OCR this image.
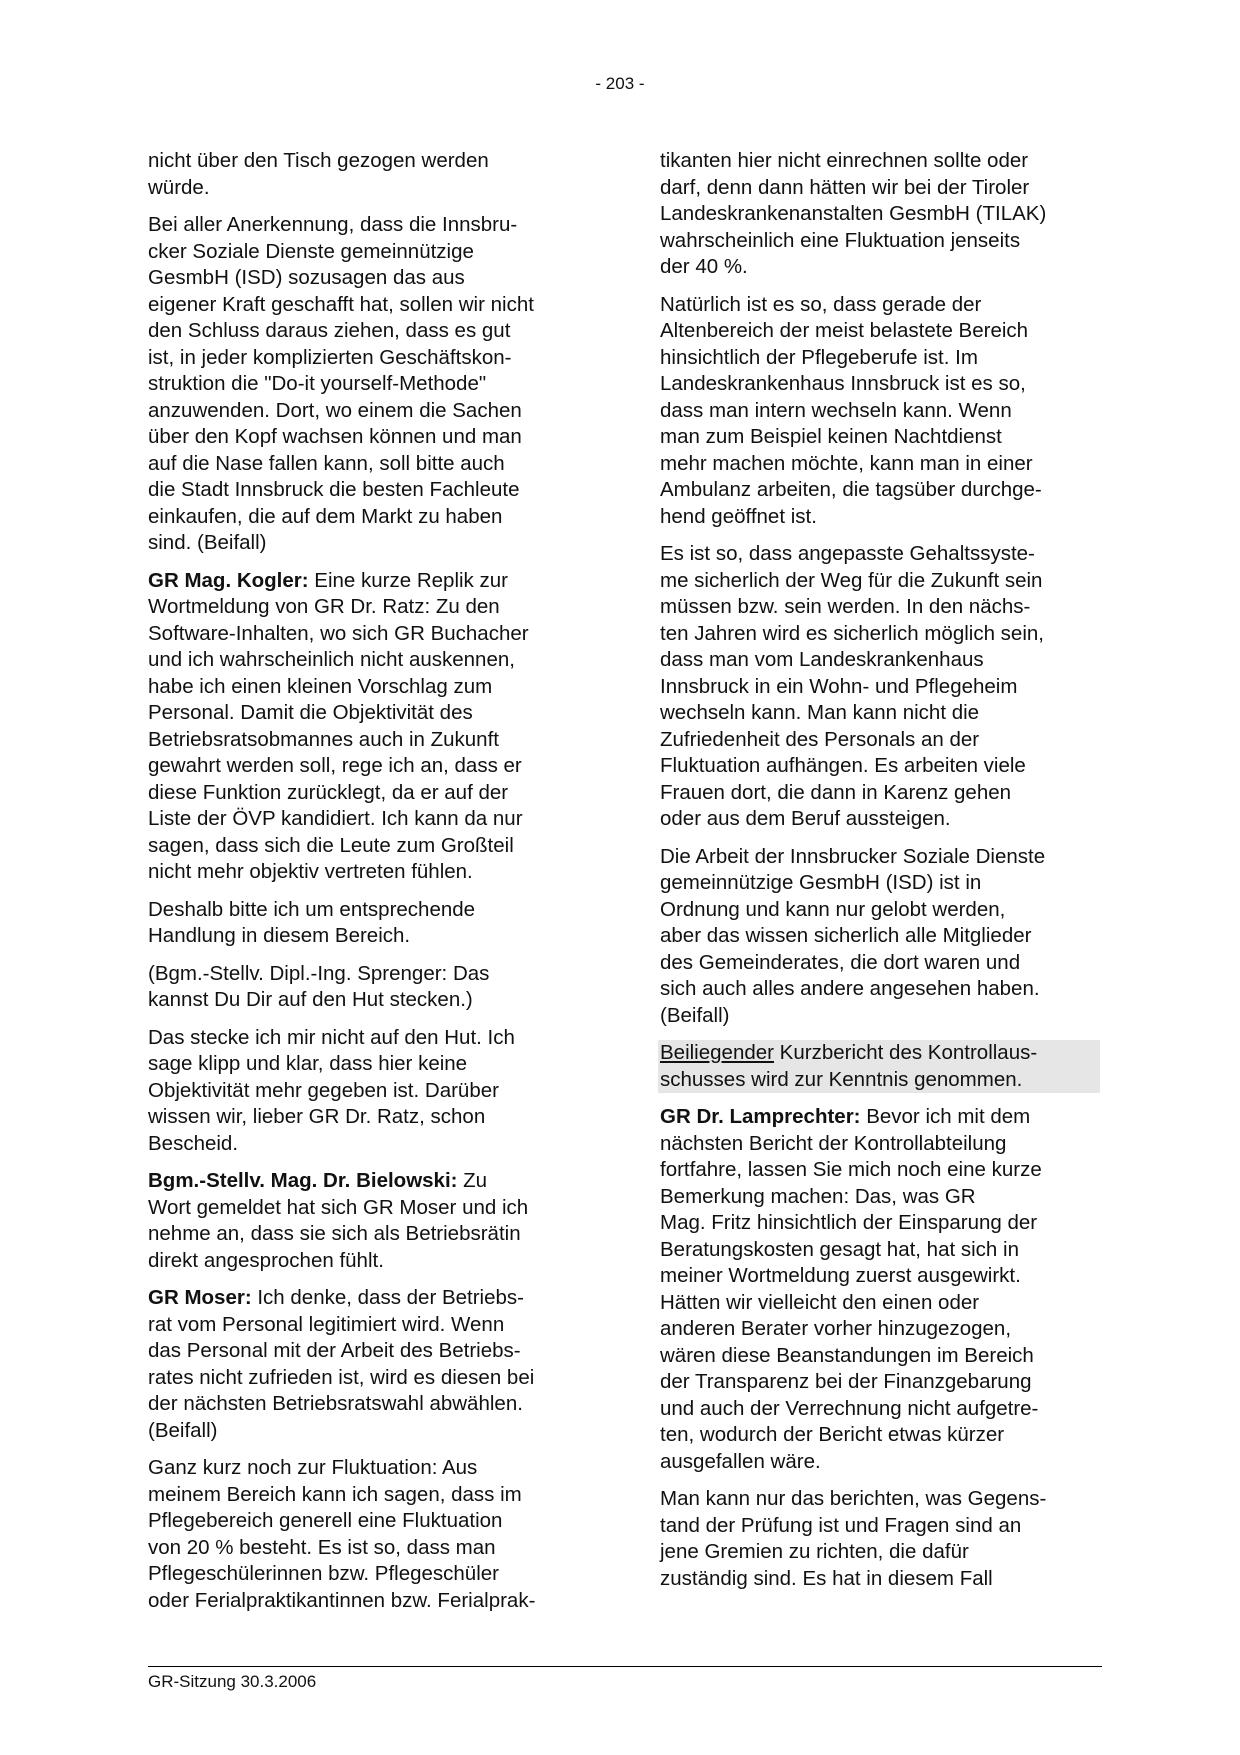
- 203 -

nicht über den Tisch gezogen werden
würde.

Bei aller Anerkennung, dass die Innsbru-
cker Soziale Dienste gemeinnützige
GesmbH (ISD) sozusagen das aus
eigener Kraft geschafft hat, sollen wir nicht
den Schluss daraus ziehen, dass es gut
ist, in jeder komplizierten Geschäftskon-
struktion die "Do-it yourself-Methode"
anzuwenden. Dort, wo einem die Sachen
über den Kopf wachsen können und man
auf die Nase fallen kann, soll bitte auch
die Stadt Innsbruck die besten Fachleute
einkaufen, die auf dem Markt zu haben
sind. (Beifall)

GR Mag. Kogler: Eine kurze Replik zur
Wortmeldung von GR Dr. Ratz: Zu den
Software-Inhalten, wo sich GR Buchacher
und ich wahrscheinlich nicht auskennen,
habe ich einen kleinen Vorschlag zum
Personal. Damit die Objektivität des
Betriebsratsobmannes auch in Zukunft
gewahrt werden soll, rege ich an, dass er
diese Funktion zurücklegt, da er auf der
Liste der ÖVP kandidiert. Ich kann da nur
sagen, dass sich die Leute zum Großteil
nicht mehr objektiv vertreten fühlen.

Deshalb bitte ich um entsprechende
Handlung in diesem Bereich.

(Bgm.-Stellv. Dipl.-Ing. Sprenger: Das
kannst Du Dir auf den Hut stecken.)

Das stecke ich mir nicht auf den Hut. Ich
sage klipp und klar, dass hier keine
Objektivität mehr gegeben ist. Darüber
wissen wir, lieber GR Dr. Ratz, schon
Bescheid.

Bgm.-Stellv. Mag. Dr. Bielowski: Zu
Wort gemeldet hat sich GR Moser und ich
nehme an, dass sie sich als Betriebsrätin
direkt angesprochen fühlt.

GR Moser: Ich denke, dass der Betriebs-
rat vom Personal legitimiert wird. Wenn
das Personal mit der Arbeit des Betriebs-
rates nicht zufrieden ist, wird es diesen bei
der nächsten Betriebsratswahl abwählen.
(Beifall)

Ganz kurz noch zur Fluktuation: Aus
meinem Bereich kann ich sagen, dass im
Pflegebereich generell eine Fluktuation
von 20 % besteht. Es ist so, dass man
Pflegeschülerinnen bzw. Pflegeschüler
oder Ferialpraktikantinnen bzw. Ferialprak-

tikanten hier nicht einrechnen sollte oder
darf, denn dann hätten wir bei der Tiroler
Landeskrankenanstalten GesmbH (TILAK)
wahrscheinlich eine Fluktuation jenseits
der 40 %.

Natürlich ist es so, dass gerade der
Altenbereich der meist belastete Bereich
hinsichtlich der Pflegeberufe ist. Im
Landeskrankenhaus Innsbruck ist es so,
dass man intern wechseln kann. Wenn
man zum Beispiel keinen Nachtdienst
mehr machen möchte, kann man in einer
Ambulanz arbeiten, die tagsüber durchge-
hend geöffnet ist.

Es ist so, dass angepasste Gehaltssyste-
me sicherlich der Weg für die Zukunft sein
müssen bzw. sein werden. In den nächs-
ten Jahren wird es sicherlich möglich sein,
dass man vom Landeskrankenhaus
Innsbruck in ein Wohn- und Pflegeheim
wechseln kann. Man kann nicht die
Zufriedenheit des Personals an der
Fluktuation aufhängen. Es arbeiten viele
Frauen dort, die dann in Karenz gehen
oder aus dem Beruf aussteigen.

Die Arbeit der Innsbrucker Soziale Dienste
gemeinnützige GesmbH (ISD) ist in
Ordnung und kann nur gelobt werden,
aber das wissen sicherlich alle Mitglieder
des Gemeinderates, die dort waren und
sich auch alles andere angesehen haben.
(Beifall)

Beiliegender Kurzbericht des Kontrollaus-
schusses wird zur Kenntnis genommen.

GR Dr. Lamprechter: Bevor ich mit dem
nächsten Bericht der Kontrollabteilung
fortfahre, lassen Sie mich noch eine kurze
Bemerkung machen: Das, was GR
Mag. Fritz hinsichtlich der Einsparung der
Beratungskosten gesagt hat, hat sich in
meiner Wortmeldung zuerst ausgewirkt.
Hätten wir vielleicht den einen oder
anderen Berater vorher hinzugezogen,
wären diese Beanstandungen im Bereich
der Transparenz bei der Finanzgebarung
und auch der Verrechnung nicht aufgetre-
ten, wodurch der Bericht etwas kürzer
ausgefallen wäre.

Man kann nur das berichten, was Gegens-
tand der Prüfung ist und Fragen sind an
jene Gremien zu richten, die dafür
zuständig sind. Es hat in diesem Fall

GR-Sitzung 30.3.2006
